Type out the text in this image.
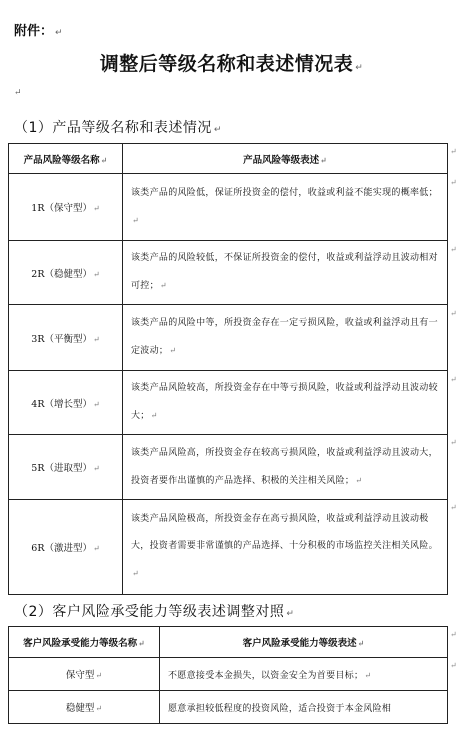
附件： ↵
调整后等级名称和表述情况表 ↵
↵
（1）产品等级名称和表述情况 ↵
产品风险等级名称↵	产品风险等级表述↵
1R（保守型）↵	该类产品的风险低，保证所投资金的偿付，收益或利益不能实现的概率低；↵
2R（稳健型）↵	该类产品的风险较低，不保证所投资金的偿付，收益或利益浮动且波动相对可控；↵
3R（平衡型）↵	该类产品的风险中等，所投资金存在一定亏损风险，收益或利益浮动且有一定波动；↵
4R（增长型）↵	该类产品风险较高，所投资金存在中等亏损风险，收益或利益浮动且波动较大；↵
5R（进取型）↵	该类产品风险高，所投资金存在较高亏损风险，收益或利益浮动且波动大，投资者要作出谨慎的产品选择、积极的关注相关风险；↵
6R（激进型）↵	该类产品风险极高，所投资金存在高亏损风险，收益或利益浮动且波动极大，投资者需要非常谨慎的产品选择、十分积极的市场监控关注相关风险。↵
（2）客户风险承受能力等级表述调整对照 ↵
客户风险承受能力等级名称↵	客户风险承受能力等级表述↵
保守型↵	不愿意接受本金损失，以资金安全为首要目标；↵
稳健型↵	愿意承担较低程度的投资风险，适合投资于本金风险相
↵
↵
↵
↵
↵
↵
↵
↵
↵
